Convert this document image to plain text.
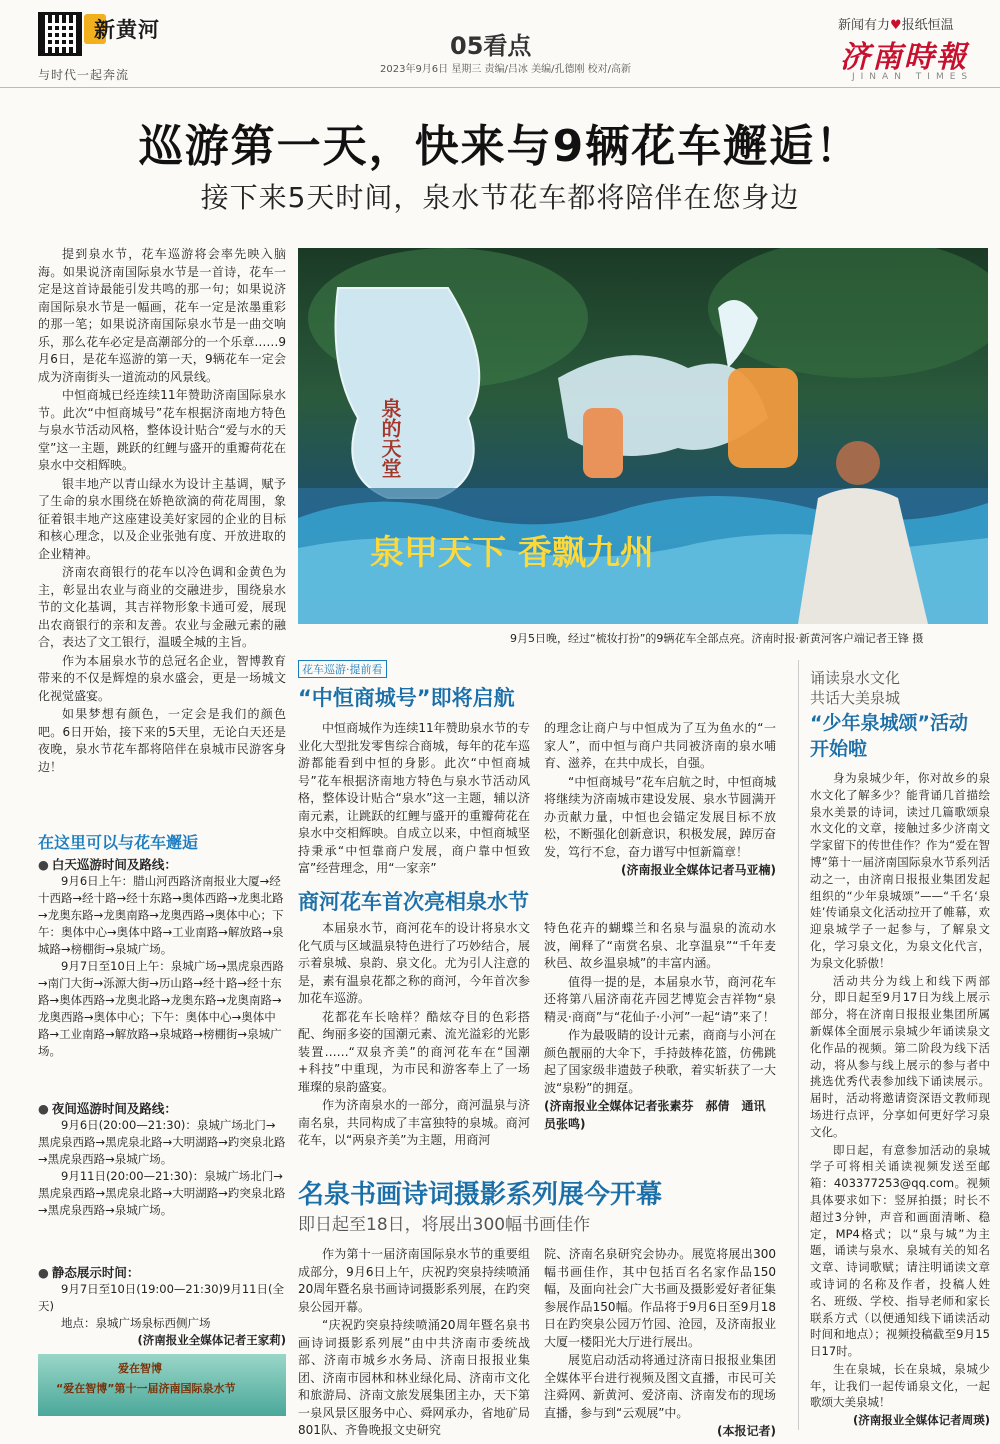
新黄河
与时代一起奔流
05看点
2023年9月6日 星期三 责编/吕冰 美编/孔德刚 校对/高新
新闻有力♥报纸恒温
济南時報
JINAN TIMES
巡游第一天，快来与9辆花车邂逅！
接下来5天时间，泉水节花车都将陪伴在您身边

提到泉水节，花车巡游将会率先映入脑海。如果说济南国际泉水节是一首诗，花车一定是这首诗最能引发共鸣的那一句；如果说济南国际泉水节是一幅画，花车一定是浓墨重彩的那一笔；如果说济南国际泉水节是一曲交响乐，那么花车必定是高潮部分的一个乐章……9月6日，是花车巡游的第一天，9辆花车一定会成为济南街头一道流动的风景线。

中恒商城已经连续11年赞助济南国际泉水节。此次“中恒商城号”花车根据济南地方特色与泉水节活动风格，整体设计贴合“爱与水的天堂”这一主题，跳跃的红鲤与盛开的重瓣荷花在泉水中交相辉映。

银丰地产以青山绿水为设计主基调，赋予了生命的泉水围绕在娇艳欲滴的荷花周围，象征着银丰地产这座建设美好家园的企业的目标和核心理念，以及企业张弛有度、开放进取的企业精神。

济南农商银行的花车以冷色调和金黄色为主，彰显出农业与商业的交融进步，围绕泉水节的文化基调，其吉祥物形象卡通可爱，展现出农商银行的亲和友善。农业与金融元素的融合，表达了文工银行，温暖全城的主旨。

作为本届泉水节的总冠名企业，智博教育带来的不仅是辉煌的泉水盛会，更是一场城文化视觉盛宴。

如果梦想有颜色，一定会是我们的颜色吧。6日开始，接下来的5天里，无论白天还是夜晚，泉水节花车都将陪伴在泉城市民游客身边！

在这里可以与花车邂逅
● 白天巡游时间及路线：

9月6日上午：腊山河西路济南报业大厦→经十西路→经十路→经十东路→奥体西路→龙奥北路→龙奥东路→龙奥南路→龙奥西路→奥体中心；下午：奥体中心→奥体中路→工业南路→解放路→泉城路→榜棚街→泉城广场。

9月7日至10日上午：泉城广场→黑虎泉西路→南门大街→泺源大街→历山路→经十路→经十东路→奥体西路→龙奥北路→龙奥东路→龙奥南路→龙奥西路→奥体中心；下午：奥体中心→奥体中路→工业南路→解放路→泉城路→榜棚街→泉城广场。

● 夜间巡游时间及路线：

9月6日(20:00—21:30)：泉城广场北门→黑虎泉西路→黑虎泉北路→大明湖路→趵突泉北路→黑虎泉西路→泉城广场。

9月11日(20:00—21:30)：泉城广场北门→黑虎泉西路→黑虎泉北路→大明湖路→趵突泉北路→黑虎泉西路→泉城广场。

● 静态展示时间：

9月7日至10日(19:00—21:30)9月11日(全天)

地点：泉城广场泉标西侧广场

(济南报业全媒体记者王家莉)
爱在智博
“爱在智博”第十一届济南国际泉水节
泉的天堂
泉甲天下 香飘九州
9月5日晚，经过“梳妆打扮”的9辆花车全部点亮。济南时报·新黄河客户端记者王锋 摄
花车巡游·提前看
“中恒商城号”即将启航

中恒商城作为连续11年赞助泉水节的专业化大型批发零售综合商城，每年的花车巡游都能看到中恒的身影。此次“中恒商城号”花车根据济南地方特色与泉水节活动风格，整体设计贴合“泉水”这一主题，辅以济南元素，让跳跃的红鲤与盛开的重瓣荷花在泉水中交相辉映。自成立以来，中恒商城坚持秉承“中恒靠商户发展，商户靠中恒致富”经营理念，用“一家亲”

的理念让商户与中恒成为了互为鱼水的“一家人”，而中恒与商户共同被济南的泉水哺育、滋养，在共中成长，自强。

“中恒商城号”花车启航之时，中恒商城将继续为济南城市建设发展、泉水节圆满开办贡献力量，中恒也会锚定发展目标不放松，不断强化创新意识，积极发展，踔厉奋发，笃行不怠，奋力谱写中恒新篇章！

(济南报业全媒体记者马亚楠)
商河花车首次亮相泉水节

本届泉水节，商河花车的设计将泉水文化气质与区域温泉特色进行了巧妙结合，展示着泉城、泉韵、泉文化。尤为引人注意的是，素有温泉花都之称的商河，今年首次参加花车巡游。

花都花车长啥样？酷炫夺目的色彩搭配、绚丽多姿的国潮元素、流光溢彩的光影装置……“双泉齐美”的商河花车在“国潮+科技”中重现，为市民和游客奉上了一场璀璨的泉韵盛宴。

作为济南泉水的一部分，商河温泉与济南名泉，共同构成了丰富独特的泉城。商河花车，以“两泉齐美”为主题，用商河

特色花卉的蝴蝶兰和名泉与温泉的流动水波，阐释了“南赏名泉、北享温泉”“千年麦秋邑、故乡温泉城”的丰富内涵。

值得一提的是，本届泉水节，商河花车还将第八届济南花卉园艺博览会吉祥物“泉精灵·商商”与“花仙子·小河”一起“请”来了！

作为最吸睛的设计元素，商商与小河在颜色靓丽的大伞下，手持鼓棒花篮，仿佛跳起了国家级非遗鼓子秧歌，着实斩获了一大波“泉粉”的拥趸。

(济南报业全媒体记者张素芬　郝倩　通讯员张鸣)
名泉书画诗词摄影系列展今开幕
即日起至18日，将展出300幅书画佳作

作为第十一届济南国际泉水节的重要组成部分，9月6日上午，庆祝趵突泉持续喷涌20周年暨名泉书画诗词摄影系列展，在趵突泉公园开幕。

“庆祝趵突泉持续喷涌20周年暨名泉书画诗词摄影系列展”由中共济南市委统战部、济南市城乡水务局、济南日报报业集团、济南市园林和林业绿化局、济南市文化和旅游局、济南文旅发展集团主办，天下第一泉风景区服务中心、舜网承办，省地矿局801队、齐鲁晚报文史研究

院、济南名泉研究会协办。展览将展出300幅书画佳作，其中包括百名名家作品150幅，及面向社会广大书画及摄影爱好者征集参展作品150幅。作品将于9月6日至9月18日在趵突泉公园万竹园、沧园，及济南报业大厦一楼阳光大厅进行展出。

展览启动活动将通过济南日报报业集团全媒体平台进行视频及图文直播，市民可关注舜网、新黄河、爱济南、济南发布的现场直播，参与到“云观展”中。

(本报记者)
诵读泉水文化
共话大美泉城
“少年泉城颂”活动
开始啦

身为泉城少年，你对故乡的泉水文化了解多少？能背诵几首描绘泉水美景的诗词，读过几篇歌颂泉水文化的文章，接触过多少济南文学家留下的传世佳作？作为“爱在智博”第十一届济南国际泉水节系列活动之一，由济南日报报业集团发起组织的“少年泉城颂”——“千名‘泉娃’传诵泉文化活动拉开了帷幕，欢迎泉城学子一起参与，了解泉文化，学习泉文化，为泉文化代言，为泉文化骄傲！

活动共分为线上和线下两部分，即日起至9月17日为线上展示部分，将在济南日报报业集团所属新媒体全面展示泉城少年诵读泉文化作品的视频。第二阶段为线下活动，将从参与线上展示的参与者中挑选优秀代表参加线下诵读展示。届时，活动将邀请资深语文教师现场进行点评，分享如何更好学习泉文化。

即日起，有意参加活动的泉城学子可将相关诵读视频发送至邮箱：403377253@qq.com。视频具体要求如下：竖屏拍摄；时长不超过3分钟，声音和画面清晰、稳定，MP4格式；以“泉与城”为主题，诵读与泉水、泉城有关的知名文章、诗词歌赋；请注明诵读文章或诗词的名称及作者，投稿人姓名、班级、学校、指导老师和家长联系方式（以便通知线下诵读活动时间和地点）；视频投稿截至9月15日17时。

生在泉城，长在泉城，泉城少年，让我们一起传诵泉文化，一起歌颂大美泉城！

(济南报业全媒体记者周瑛)
